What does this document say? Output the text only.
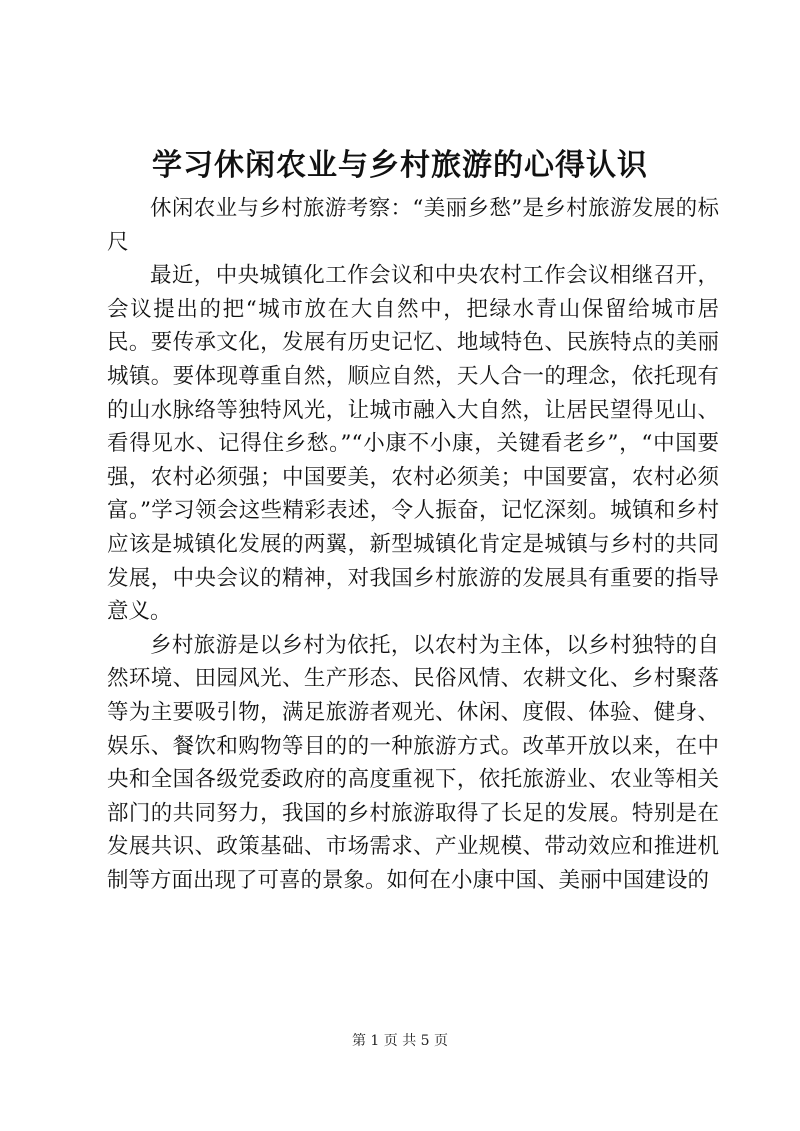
学习休闲农业与乡村旅游的心得认识

休闲农业与乡村旅游考察：“美丽乡愁”是乡村旅游发展的标尺

最近，中央城镇化工作会议和中央农村工作会议相继召开，会议提出的把“城市放在大自然中，把绿水青山保留给城市居民。要传承文化，发展有历史记忆、地域特色、民族特点的美丽城镇。要体现尊重自然，顺应自然，天人合一的理念，依托现有的山水脉络等独特风光，让城市融入大自然，让居民望得见山、看得见水、记得住乡愁。”“小康不小康，关键看老乡”，“中国要强，农村必须强；中国要美，农村必须美；中国要富，农村必须富。”学习领会这些精彩表述，令人振奋，记忆深刻。城镇和乡村应该是城镇化发展的两翼，新型城镇化肯定是城镇与乡村的共同发展，中央会议的精神，对我国乡村旅游的发展具有重要的指导意义。

乡村旅游是以乡村为依托，以农村为主体，以乡村独特的自然环境、田园风光、生产形态、民俗风情、农耕文化、乡村聚落等为主要吸引物，满足旅游者观光、休闲、度假、体验、健身、娱乐、餐饮和购物等目的的一种旅游方式。改革开放以来，在中央和全国各级党委政府的高度重视下，依托旅游业、农业等相关部门的共同努力，我国的乡村旅游取得了长足的发展。特别是在发展共识、政策基础、市场需求、产业规模、带动效应和推进机制等方面出现了可喜的景象。如何在小康中国、美丽中国建设的

第 1 页 共 5 页
